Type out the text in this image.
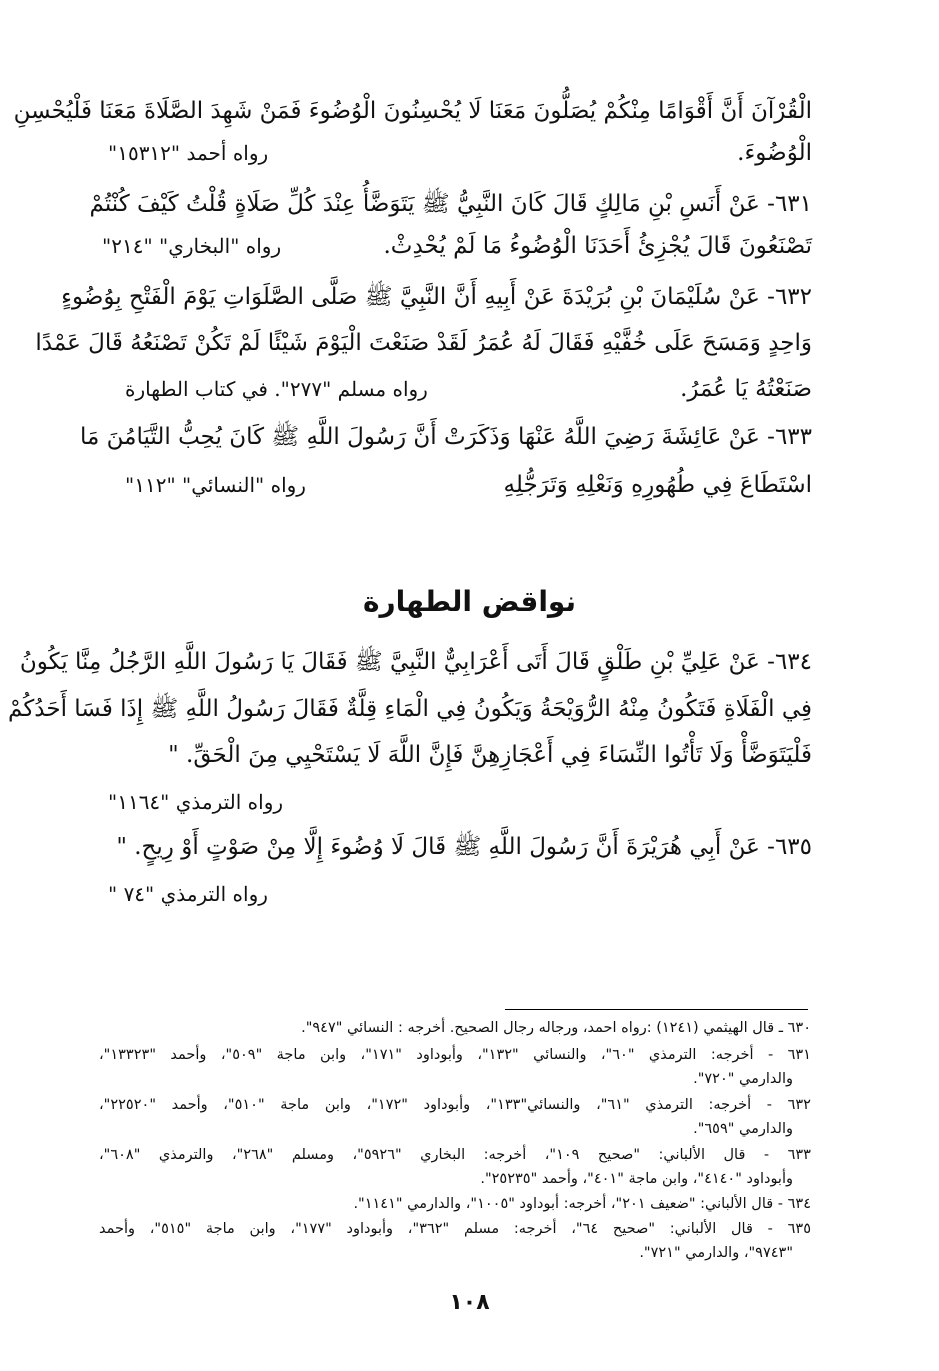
الْقُرْآنَ أَنَّ أَقْوَامًا مِنْكُمْ يُصَلُّونَ مَعَنَا لَا يُحْسِنُونَ الْوُضُوءَ فَمَنْ شَهِدَ الصَّلَاةَ مَعَنَا فَلْيُحْسِنِ
الْوُضُوءَ.
رواه أحمد "١٥٣١٢"
٦٣١- عَنْ أَنَسِ بْنِ مَالِكٍ قَالَ كَانَ النَّبِيُّ ﷺ يَتَوَضَّأُ عِنْدَ كُلِّ صَلَاةٍ قُلْتُ كَيْفَ كُنْتُمْ
تَصْنَعُونَ قَالَ يُجْزِئُ أَحَدَنَا الْوُضُوءُ مَا لَمْ يُحْدِثْ.
رواه "البخاري" "٢١٤"
٦٣٢- عَنْ سُلَيْمَانَ بْنِ بُرَيْدَةَ عَنْ أَبِيهِ أَنَّ النَّبِيَّ ﷺ صَلَّى الصَّلَوَاتِ يَوْمَ الْفَتْحِ بِوُضُوءٍ
وَاحِدٍ وَمَسَحَ عَلَى خُفَّيْهِ فَقَالَ لَهُ عُمَرُ لَقَدْ صَنَعْتَ الْيَوْمَ شَيْئًا لَمْ تَكُنْ تَصْنَعُهُ قَالَ عَمْدًا
صَنَعْتُهُ يَا عُمَرُ.
رواه مسلم "٢٧٧". في كتاب الطهارة
٦٣٣- عَنْ عَائِشَةَ رَضِيَ اللَّهُ عَنْهَا وَذَكَرَتْ أَنَّ رَسُولَ اللَّهِ ﷺ كَانَ يُحِبُّ التَّيَامُنَ مَا
اسْتَطَاعَ فِي طُهُورِهِ وَنَعْلِهِ وَتَرَجُّلِهِ
رواه "النسائي" "١١٢"
نواقض الطهارة
٦٣٤- عَنْ عَلِيِّ بْنِ طَلْقٍ قَالَ أَتَى أَعْرَابِيٌّ النَّبِيَّ ﷺ فَقَالَ يَا رَسُولَ اللَّهِ الرَّجُلُ مِنَّا يَكُونُ
فِي الْفَلَاةِ فَتَكُونُ مِنْهُ الرُّوَيْحَةُ وَيَكُونُ فِي الْمَاءِ قِلَّةٌ فَقَالَ رَسُولُ اللَّهِ ﷺ إِذَا فَسَا أَحَدُكُمْ
فَلْيَتَوَضَّأْ وَلَا تَأْتُوا النِّسَاءَ فِي أَعْجَازِهِنَّ فَإِنَّ اللَّهَ لَا يَسْتَحْيِي مِنَ الْحَقِّ. "
رواه الترمذي "١١٦٤"
٦٣٥- عَنْ أَبِي هُرَيْرَةَ أَنَّ رَسُولَ اللَّهِ ﷺ قَالَ لَا وُضُوءَ إِلَّا مِنْ صَوْتٍ أَوْ رِيحٍ. "
رواه الترمذي "٧٤ "
٦٣٠ ـ قال الهيثمي (١٢٤١) :رواه احمد، ورجاله رجال الصحيح. أخرجه : النسائي "٩٤٧".
٦٣١ - أخرجه: الترمذي "٦٠"، والنسائي "١٣٢"، وأبوداود "١٧١"، وابن ماجة "٥٠٩"، وأحمد "١٣٣٢٣"،
والدارمي "٧٢٠".
٦٣٢ - أخرجه: الترمذي "٦١"، والنسائي"١٣٣"، وأبوداود "١٧٢"، وابن ماجة "٥١٠"، وأحمد "٢٢٥٢٠"،
والدارمي "٦٥٩".
٦٣٣ - قال الألباني: "صحيح ١٠٩"، أخرجه: البخاري "٥٩٢٦"، ومسلم "٢٦٨"، والترمذي "٦٠٨"،
وأبوداود "٤١٤٠"، وابن ماجة "٤٠١"، وأحمد "٢٥٢٣٥".
٦٣٤ - قال الألباني: "ضعيف ٢٠١"، أخرجه: أبوداود "١٠٠٥"، والدارمي "١١٤١".
٦٣٥ - قال الألباني: "صحيح ٦٤"، أخرجه: مسلم "٣٦٢"، وأبوداود "١٧٧"، وابن ماجة "٥١٥"، وأحمد
"٩٧٤٣"، والدارمي "٧٢١".
١٠٨
